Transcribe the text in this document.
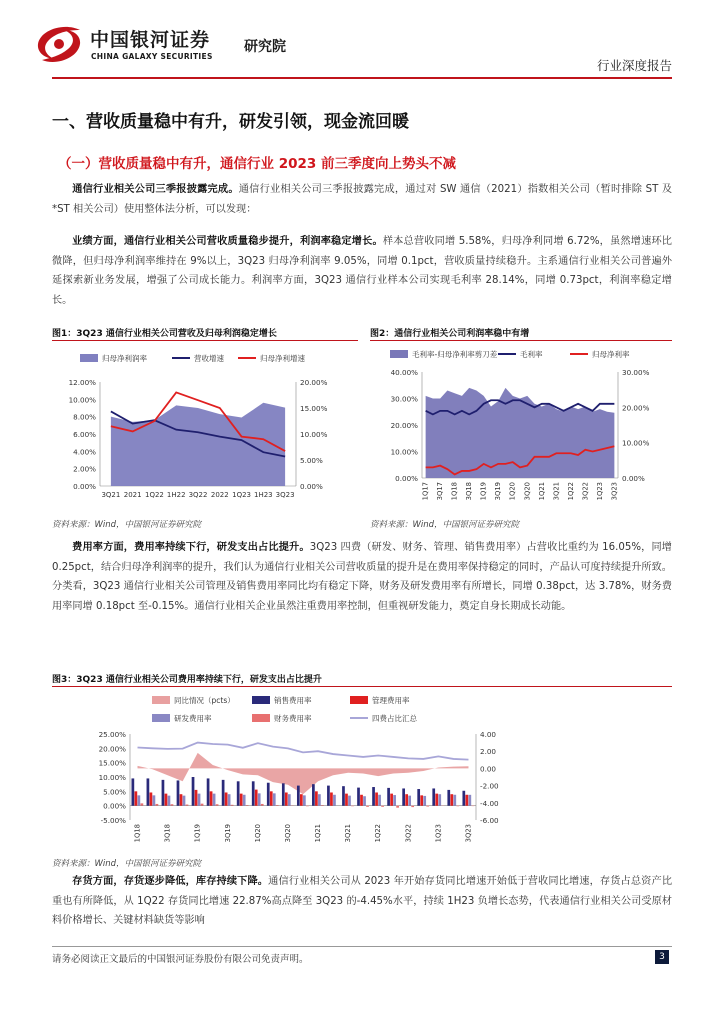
中国银河证券
CHINA GALAXY SECURITIES
研究院
行业深度报告
一、营收质量稳中有升，研发引领，现金流回暖
（一）营收质量稳中有升，通信行业 2023 前三季度向上势头不减
通信行业相关公司三季报披露完成。通信行业相关公司三季报披露完成，通过对 SW 通信（2021）指数相关公司（暂时排除 ST 及*ST 相关公司）使用整体法分析，可以发现：
业绩方面，通信行业相关公司营收质量稳步提升，利润率稳定增长。样本总营收同增 5.58%，归母净利同增 6.72%，虽然增速环比微降，但归母净利润率维持在 9%以上，3Q23 归母净利润率 9.05%，同增 0.1pct，营收质量持续稳升。主系通信行业相关公司普遍外延探索新业务发展，增强了公司成长能力。利润率方面，3Q23 通信行业样本公司实现毛利率 28.14%，同增 0.73pct，利润率稳定增长。
图1：3Q23 通信行业相关公司营收及归母利润稳定增长
归母净利润率	营收增速	归母净利增速
0.00%
2.00%
4.00%
6.00%
8.00%
10.00%
12.00%
0.00%
5.00%
10.00%
15.00%
20.00%
3Q21 2021 1Q22 1H22 3Q22 2022 1Q23 1H23 3Q23
资料来源：Wind，中国银河证券研究院
图2：通信行业相关公司利润率稳中有增
毛利率-归母净利率剪刀差	毛利率	归母净利率
0.00%
10.00%
20.00%
30.00%
40.00%
0.00%
10.00%
20.00%
30.00%
1Q17 3Q17 1Q18 3Q18 1Q19 3Q19 1Q20 3Q20 1Q21 3Q21 1Q22 3Q22 1Q23 3Q23
资料来源：Wind，中国银河证券研究院
费用率方面，费用率持续下行，研发支出占比提升。3Q23 四费（研发、财务、管理、销售费用率）占营收比重约为 16.05%，同增 0.25pct，结合归母净利润率的提升，我们认为通信行业相关公司营收质量的提升是在费用率保持稳定的同时，产品认可度持续提升所致。分类看，3Q23 通信行业相关公司管理及销售费用率同比均有稳定下降，财务及研发费用率有所增长，同增 0.38pct，达 3.78%，财务费用率同增 0.18pct 至-0.15%。通信行业相关企业虽然注重费用率控制，但重视研发能力，奠定自身长期成长动能。
图3：3Q23 通信行业相关公司费用率持续下行，研发支出占比提升
同比情况（pcts）	销售费用率	管理费用率
研发费用率	财务费用率	四费占比汇总
-5.00%
0.00%
5.00%
10.00%
15.00%
20.00%
25.00%
-6.00
-4.00
-2.00
0.00
2.00
4.00
1Q18	3Q18	1Q19	3Q19	1Q20	3Q20	1Q21	3Q21	1Q22	3Q22	1Q23	3Q23
资料来源：Wind，中国银河证券研究院
存货方面，存货逐步降低，库存持续下降。通信行业相关公司从 2023 年开始存货同比增速开始低于营收同比增速，存货占总资产比重也有所降低，从 1Q22 存货同比增速 22.87%高点降至 3Q23 的-4.45%水平，持续 1H23 负增长态势，代表通信行业相关公司受原材料价格增长、关键材料缺货等影响
请务必阅读正文最后的中国银河证券股份有限公司免责声明。	3
